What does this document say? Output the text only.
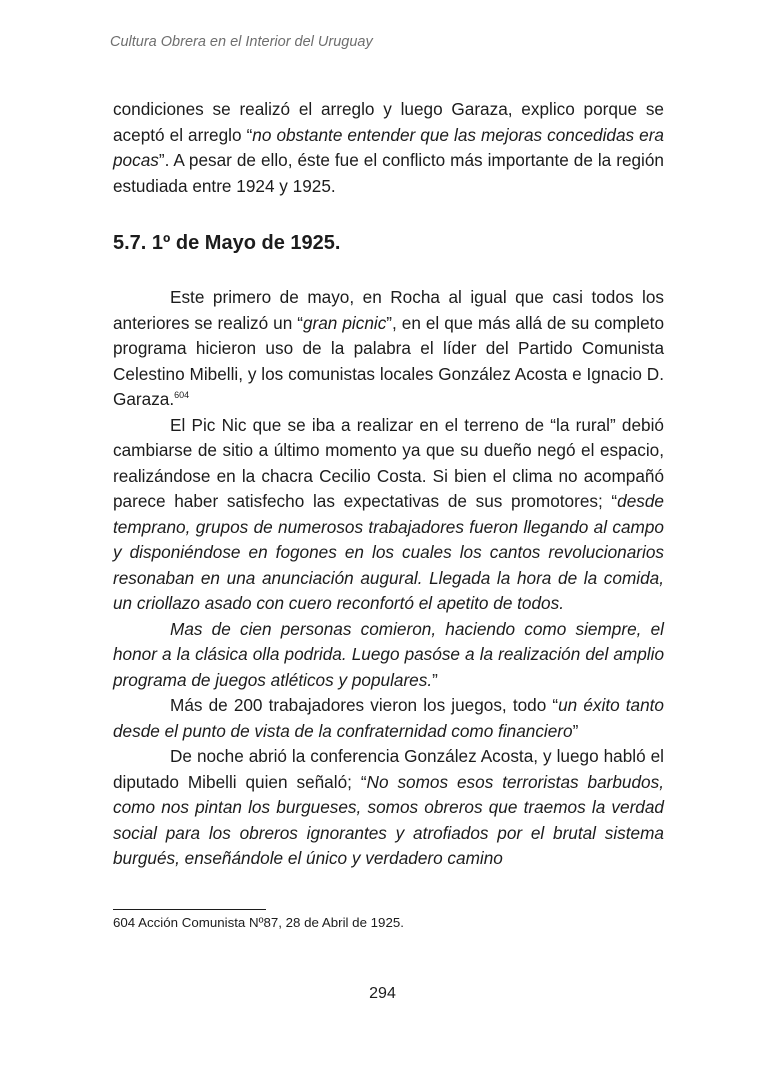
Cultura Obrera en el Interior del Uruguay

condiciones se realizó el arreglo y luego Garaza, explico porque se aceptó el arreglo “no obstante entender que las mejoras concedidas era pocas”. A pesar de ello, éste fue el conflicto más importante de la región estudiada entre 1924 y 1925.

5.7. 1º de Mayo de 1925.

Este primero de mayo, en Rocha al igual que casi todos los anteriores se realizó un “gran picnic”, en el que más allá de su completo programa hicieron uso de la palabra el líder del Partido Comunista Celestino Mibelli, y los comunistas locales González Acosta e Ignacio D. Garaza.$^{604}$

El Pic Nic que se iba a realizar en el terreno de “la rural” debió cambiarse de sitio a último momento ya que su dueño negó el espacio, realizándose en la chacra Cecilio Costa. Si bien el clima no acompañó parece haber satisfecho las expectativas de sus promotores; “desde temprano, grupos de numerosos trabajadores fueron llegando al campo y disponiéndose en fogones en los cuales los cantos revolucionarios resonaban en una anunciación augural. Llegada la hora de la comida, un criollazo asado con cuero reconfortó el apetito de todos.

Mas de cien personas comieron, haciendo como siempre, el honor a la clásica olla podrida. Luego pasóse a la realización del amplio programa de juegos atléticos y populares.”

Más de 200 trabajadores vieron los juegos, todo “un éxito tanto desde el punto de vista de la confraternidad como financiero”

De noche abrió la conferencia González Acosta, y luego habló el diputado Mibelli quien señaló; “No somos esos terroristas barbudos, como nos pintan los burgueses, somos obreros que traemos la verdad social para los obreros ignorantes y atrofiados por el brutal sistema burgués, enseñándole el único y verdadero camino

604 Acción Comunista Nº87, 28 de Abril de 1925.
294
